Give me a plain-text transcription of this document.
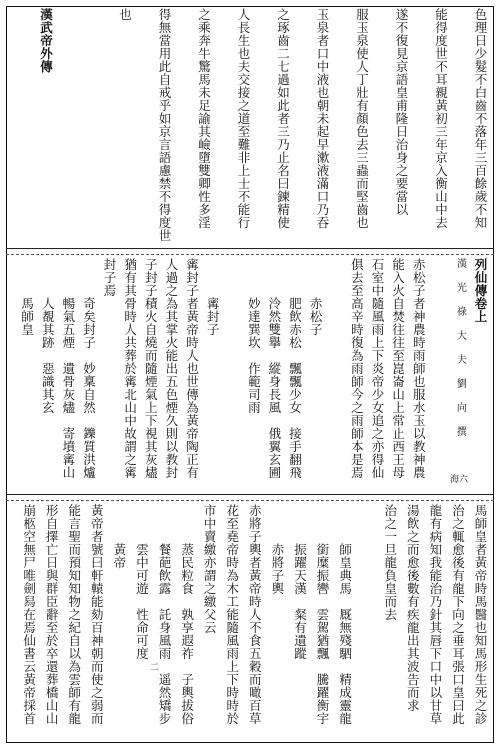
色理日少髮不白齒不落年三百餘歲不知
能得度世不耳親黃初三年京入衡山中去
遂不復見京語皇甫隆日治身之要當以
服玉泉使人丁壯有顏色去三蟲而堅齒也
玉泉者口中液也朝未起早漱液滿口乃吞
之琢齒二七過如此者三乃止名曰鍊精使
人長生也夫交接之道至難非上士不能行
之乘奔牛驚馬未足諭其嶮墮雙卿性多淫
得無當用此自戒乎如京言語慮禁不得度世
也
漢武帝外傳
列仙傳卷上
漢　光　祿　大　夫　劉　向　撰
赤松子者神農時雨師也服水玉以教神農
能入火自焚往往至崑崙山上常止西王母
石室中隨風雨上下炎帝少女追之亦得仙
俱去至高辛時復為雨師今之雨師本是焉
　　　赤松子
　　　肥飲赤松　飄飄少女　接手翻飛
　　　泠然雙擧　縱身長風　俄翼玄圃
　　　妙達巽坎　作範司雨
　　　寗封子
寗封子者黃帝時人也世傳為黃帝陶正有
人過之為其掌火能出五色煙久則以教封
子封子積火自燒而隨煙氣上下視其灰燼
猶有其骨時人共葬於寗北山中故謂之寗
封子焉
　　　奇矣封子　妙稟自然　鑠質洪爐
　　　暢氣五煙　遺骨灰燼　寄墳寗山
　　　人覩其跡　惡識其玄
　　　馬師皇
馬師皇者黃帝時馬醫也知馬形生死之診
治之輒愈後有龍下向之垂耳張口皇曰此
龍有病知我能治乃針其唇下口中以甘草
湯飲之而愈後數有疾龍出其波告而求
治之一旦龍負皇而去
　　　師皇典馬　厩無殘駟　精成靈龍
　　　銜糜振轡　雲駕猶飄　騰躍衡宇
　　　振躍天漢　粲有遺蹤
　　　赤將子輿
赤將子輿者黃帝時人不食五穀而噉百草
花至堯帝時為木工能隨風雨上下時時於
市中賣繳亦謂之繳父云
　　　蒸民粒食　孰享遐祚　子輿拔俗
　　　餐葩飲露　託身風雨　遥然矯步
　　　雲中可遊　性命可度
　　　黃帝
黃帝者號曰軒轅能劾百神朝而使之弱而
能言聖而預知知物之紀自以為雲師有龍
形自擇亡日與群臣辭至於卒還葬橋山山
崩柩空無尸唯劍舄在焉仙書云黃帝採首
海六
二
